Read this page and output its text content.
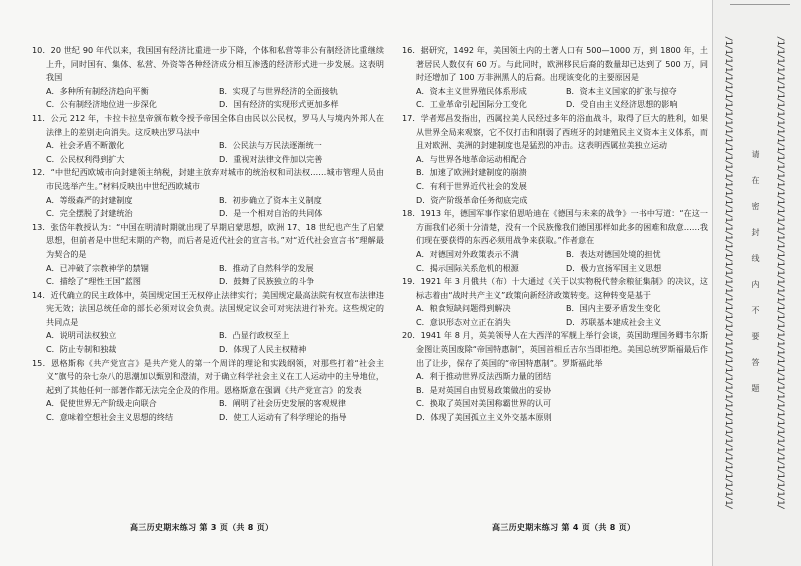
10．20 世纪 90 年代以来，我国国有经济比重进一步下降，个体和私营等非公有制经济比重继续上升，同时国有、集体、私营、外资等各种经济成分相互渗透的经济形式进一步发展。这表明我国
A．多种所有制经济趋向平衡	B．实现了与世界经济的全面接轨
C．公有制经济地位进一步深化	D．国有经济的实现形式更加多样
11．公元 212 年，卡拉卡拉皇帝颁布敕令授予帝国全体自由民以公民权，罗马人与境内外邦人在法律上的差别走向消失。这反映出罗马法中
A．社会矛盾不断激化	B．公民法与万民法逐渐统一
C．公民权利得到扩大	D．重视对法律文件加以完善
12．“中世纪西欧城市向封建领主纳税，封建主放弃对城市的统治权和司法权……城市管理人员由市民选举产生。”材料反映出中世纪西欧城市
A．等级森严的封建制度	B．初步确立了资本主义制度
C．完全摆脱了封建统治	D．是一个相对自治的共同体
13．张岱年教授认为：“中国在明清时期就出现了早期启蒙思想，欧洲 17、18 世纪也产生了启蒙思想，但前者是中世纪末期的产物，而后者是近代社会的宣言书。”对“近代社会宣言书”理解最为契合的是
A．已冲破了宗教神学的禁锢	B．推动了自然科学的发展
C．描绘了“理性王国”蓝图	D．鼓舞了民族独立的斗争
14．近代确立的民主政体中，英国规定国王无权停止法律实行；美国规定最高法院有权宣布法律违宪无效；法国总统任命的部长必须对议会负责。法国规定议会可对宪法进行补充。这些规定的共同点是
A．说明司法权独立	B．凸显行政权至上
C．防止专制和独裁	D．体现了人民主权精神
15．恩格斯称《共产党宣言》是共产党人的第一个周详的理论和实践纲领，对那些打着“社会主义”旗号的杂七杂八的思潮加以甄别和澄清，对于确立科学社会主义在工人运动中的主导地位，起到了其他任何一部著作都无法完全企及的作用。恩格斯意在强调《共产党宣言》的发表
A．促使世界无产阶级走向联合	B．阐明了社会历史发展的客观规律
C．意味着空想社会主义思想的终结	D．使工人运动有了科学理论的指导
16．据研究，1492 年，美国领土内的土著人口有 500—1000 万，到 1800 年，土著居民人数仅有 60 万。与此同时，欧洲移民后裔的数量却已达到了 500 万，同时还增加了 100 万非洲黑人的后裔。出现该变化的主要原因是
A．资本主义世界殖民体系形成	B．资本主义国家的扩张与掠夺
C．工业革命引起国际分工变化	D．受自由主义经济思想的影响
17．学者郑昌发指出，西属拉美人民经过多年的浴血战斗，取得了巨大的胜利，如果从世界全局来观察，它不仅打击和削弱了西班牙的封建殖民主义资本主义体系，而且对欧洲、美洲的封建制度也是猛烈的冲击。这表明西属拉美独立运动
A．与世界各地革命运动相配合
B．加速了欧洲封建制度的崩溃
C．有利于世界近代社会的发展
D．资产阶级革命任务彻底完成
18．1913 年，德国军事作家伯恩哈迪在《德国与未来的战争》一书中写道：“在这一方面我们必须十分清楚，没有一个民族像我们德国那样如此多的困难和敌意……我们现在要获得的东西必须用战争来获取。”作者意在
A．对德国对外政策表示不满	B．表达对德国处境的担忧
C．揭示国际关系危机的根源	D．极力宣扬军国主义思想
19．1921 年 3 月俄共（布）十大通过《关于以实物税代替余粮征集制》的决议，这标志着由“战时共产主义”政策向新经济政策转变。这种转变是基于
A．粮食短缺问题得到解决	B．国内主要矛盾发生变化
C．意识形态对立正在消失	D．苏联基本建成社会主义
20．1941 年 8 月，英美领导人在大西洋的军舰上举行会谈，英国助理国务卿韦尔斯金图让英国废除“帝国特惠制”，英国首相丘吉尔当即拒绝。美国总统罗斯福最后作出了让步，保存了英国的“帝国特惠制”。罗斯福此举
A．利于推动世界反法西斯力量的团结
B．是对英国自由贸易政策做出的妥协
C．换取了英国对美国称霸世界的认可
D．体现了美国孤立主义外交基本原则
高三历史期末练习 第 3 页（共 8 页）	高三历史期末练习 第 4 页（共 8 页）
/1/1/1/1/1/1/1/1/1/1/1/1/1/1/1/1/1/1/1/1/1/1/1/1/1/1/1/1/1/1/1/1/1/1/1/1/1/1/1/1/1/1/1/1/1/1/1/1/1/1/1/1/1/	/1/1/1/1/1/1/1/1/1/1/1/1/1/1/1/1/1/1/1/1/1/1/1/1/1/1/1/1/1/1/1/1/1/1/1/1/1/1/1/1/1/1/1/1/1/1/1/1/1/1/1/1/1/
请在密封线内不要答题
